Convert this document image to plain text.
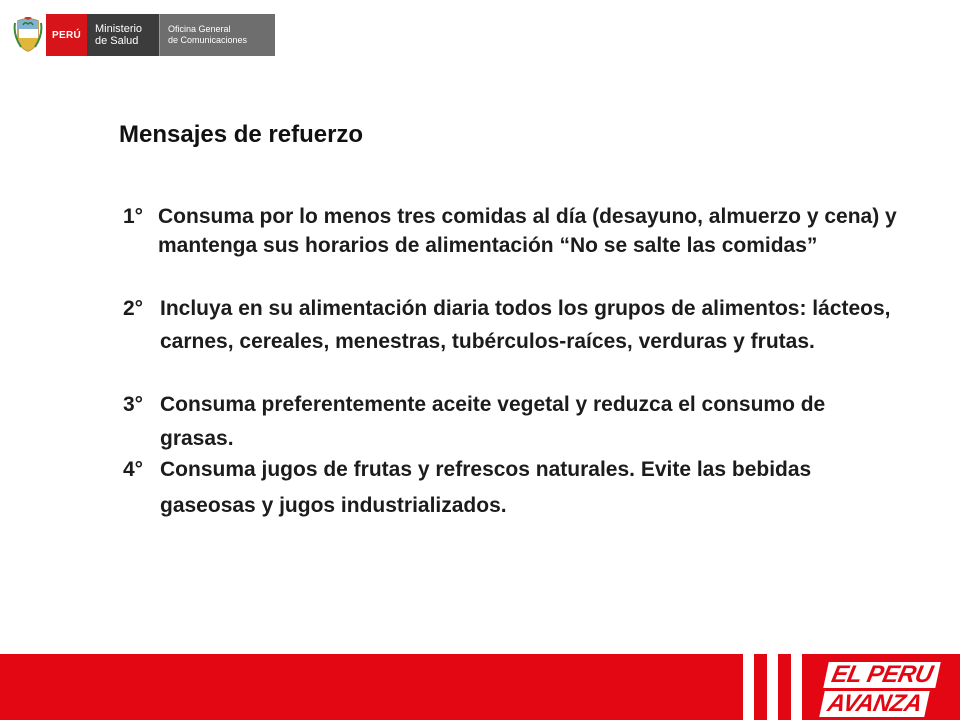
PERÚ	Ministerio
de Salud
Oficina General
de Comunicaciones
Mensajes de refuerzo
1° Consuma por lo menos tres comidas al día (desayuno, almuerzo y cena) y mantenga sus horarios de alimentación “No se salte las comidas”
2° Incluya en su alimentación diaria todos los grupos de alimentos: lácteos, carnes, cereales, menestras, tubérculos-raíces, verduras y frutas.
3° Consuma preferentemente aceite vegetal y reduzca el consumo de grasas.
4° Consuma jugos de frutas y refrescos naturales. Evite las bebidas gaseosas y jugos industrializados.
EL PERU
AVANZA
